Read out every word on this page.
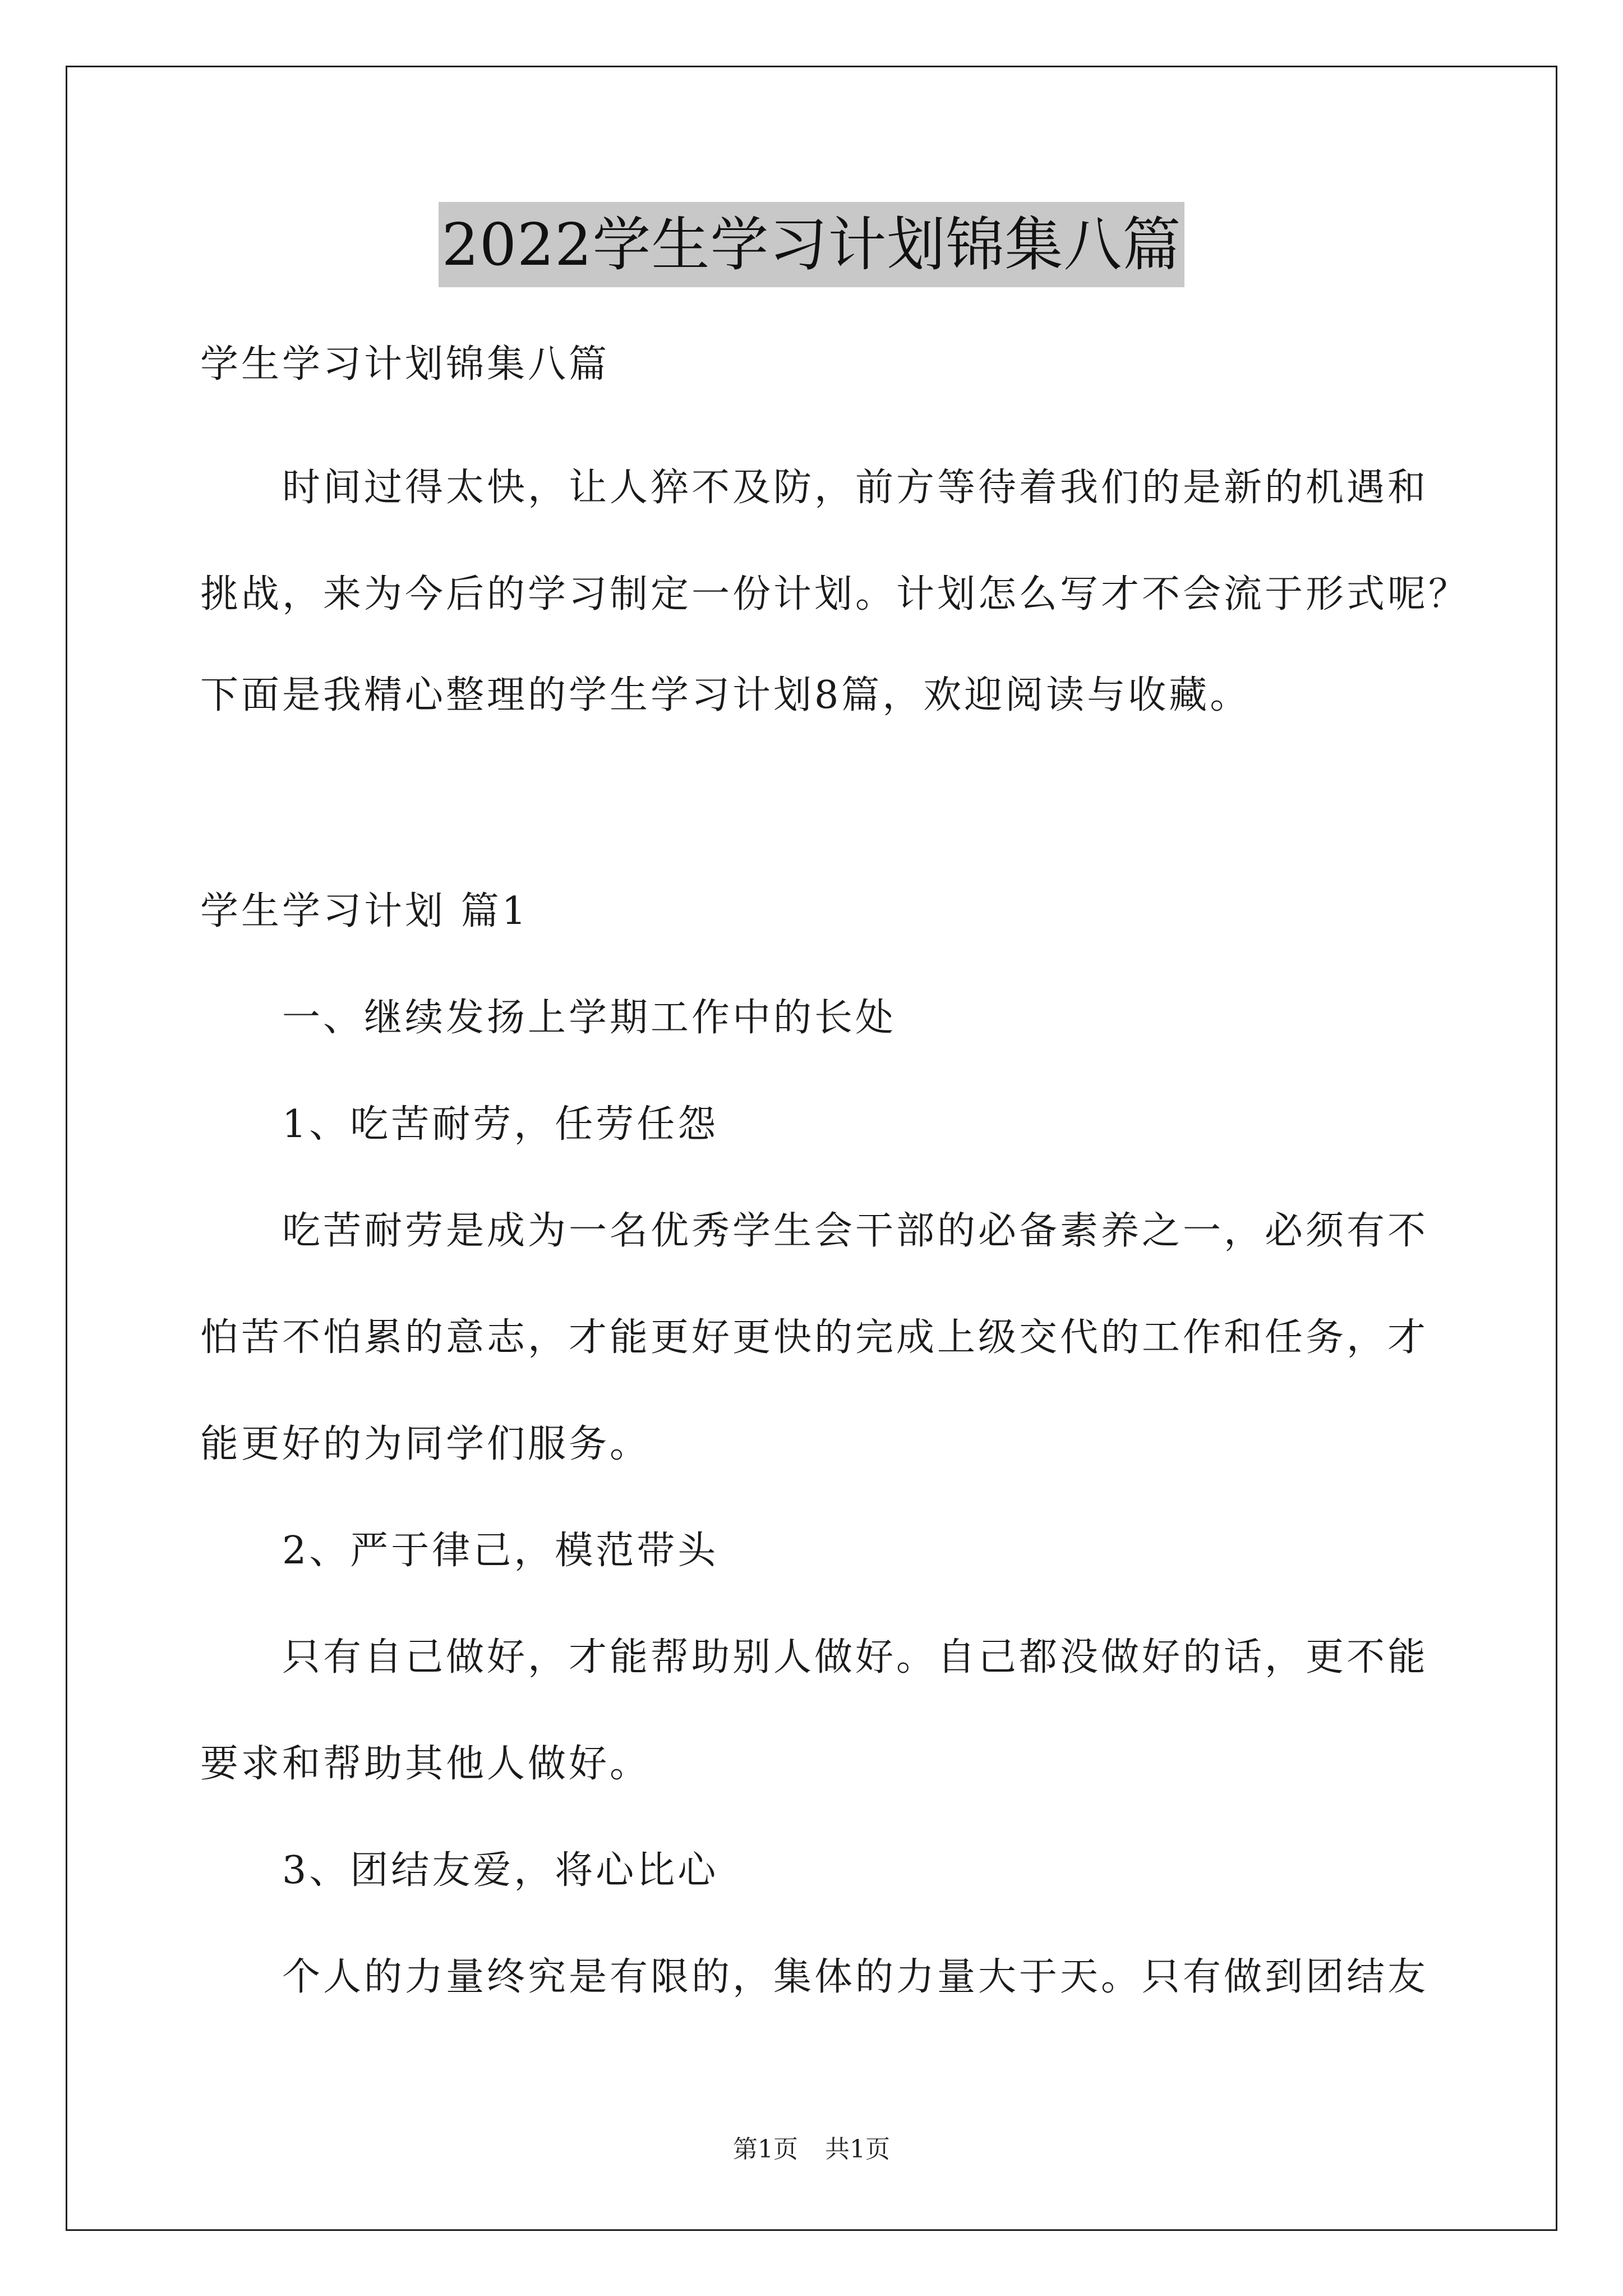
2022学生学习计划锦集八篇
学生学习计划锦集八篇
　　时间过得太快，让人猝不及防，前方等待着我们的是新的机遇和
挑战，来为今后的学习制定一份计划。计划怎么写才不会流于形式呢？
下面是我精心整理的学生学习计划8篇，欢迎阅读与收藏。
学生学习计划 篇1
　　一、继续发扬上学期工作中的长处
　　1、吃苦耐劳，任劳任怨
　　吃苦耐劳是成为一名优秀学生会干部的必备素养之一，必须有不
怕苦不怕累的意志，才能更好更快的完成上级交代的工作和任务，才
能更好的为同学们服务。
　　2、严于律己，模范带头
　　只有自己做好，才能帮助别人做好。自己都没做好的话，更不能
要求和帮助其他人做好。
　　3、团结友爱，将心比心
　　个人的力量终究是有限的，集体的力量大于天。只有做到团结友
第1页 共1页
